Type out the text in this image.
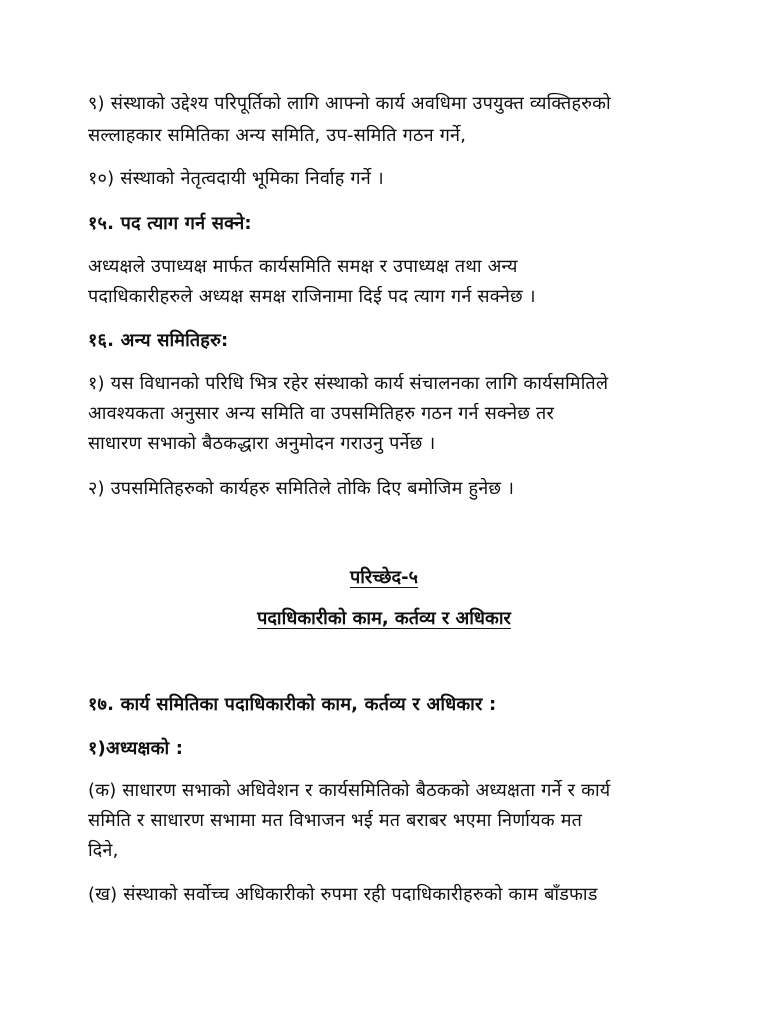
९) संस्थाको उद्देश्य परिपूर्तिको लागि आफ्नो कार्य अवधिमा उपयुक्त व्यक्तिहरुको
सल्लाहकार समितिका अन्य समिति, उप-समिति गठन गर्ने,
१०) संस्थाको नेतृत्वदायी भूमिका निर्वाह गर्ने ।
१५. पद त्याग गर्न सक्ने:
अध्यक्षले उपाध्यक्ष मार्फत कार्यसमिति समक्ष र उपाध्यक्ष तथा अन्य
पदाधिकारीहरुले अध्यक्ष समक्ष राजिनामा दिई पद त्याग गर्न सक्नेछ ।
१६. अन्य समितिहरु:
१) यस विधानको परिधि भित्र रहेर संस्थाको कार्य संचालनका लागि कार्यसमितिले
आवश्यकता अनुसार अन्य समिति वा उपसमितिहरु गठन गर्न सक्नेछ तर
साधारण सभाको बैठकद्धारा अनुमोदन गराउनु पर्नेछ ।
२) उपसमितिहरुको कार्यहरु समितिले तोकि दिए बमोजिम हुनेछ ।
परिच्छेद-५
पदाधिकारीको काम, कर्तव्य र अधिकार
१७. कार्य समितिका पदाधिकारीको काम, कर्तव्य र अधिकार :
१)अध्यक्षको :
(क) साधारण सभाको अधिवेशन र कार्यसमितिको बैठकको अध्यक्षता गर्ने र कार्य
समिति र साधारण सभामा मत विभाजन भई मत बराबर भएमा निर्णायक मत
दिने,
(ख) संस्थाको सर्वोच्च अधिकारीको रुपमा रही पदाधिकारीहरुको काम बाँडफाड
